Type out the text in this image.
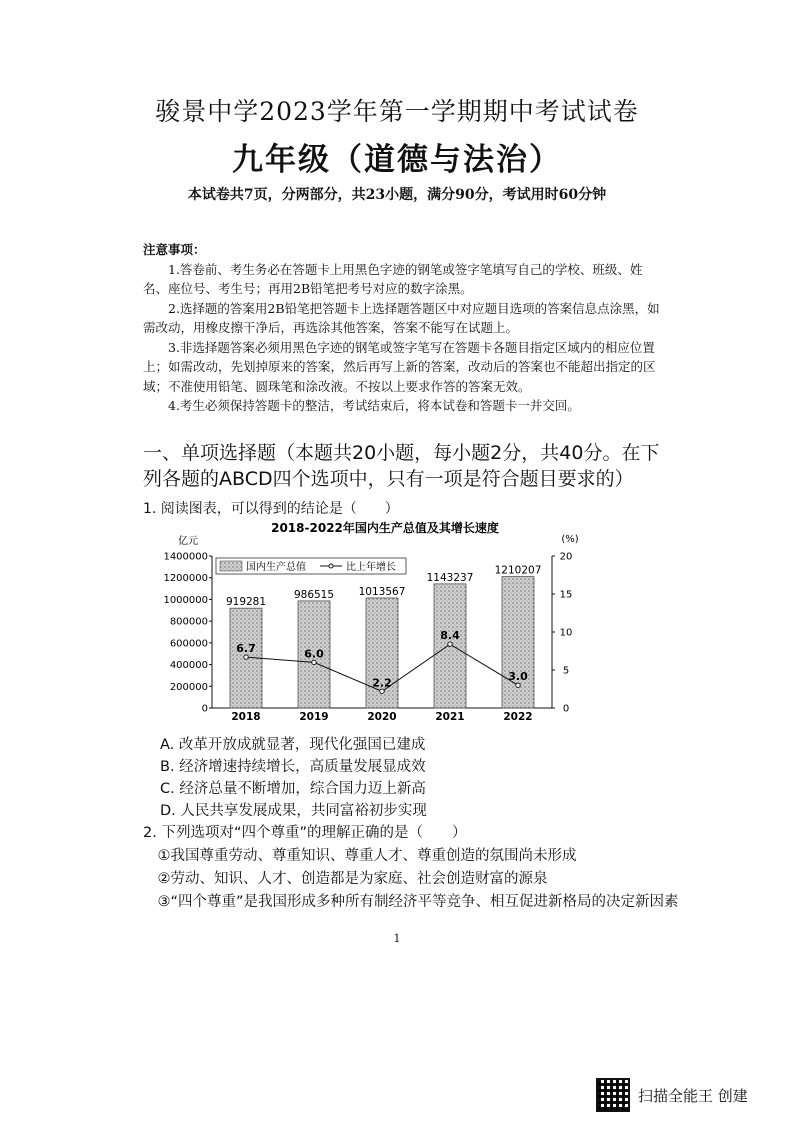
骏景中学2023学年第一学期期中考试试卷
九年级（道德与法治）
本试卷共7页，分两部分，共23小题，满分90分，考试用时60分钟
注意事项：

1.答卷前、考生务必在答题卡上用黑色字迹的钢笔或签字笔填写自己的学校、班级、姓名、座位号、考生号；再用2B铅笔把考号对应的数字涂黑。

2.选择题的答案用2B铅笔把答题卡上选择题答题区中对应题目选项的答案信息点涂黑，如需改动，用橡皮擦干净后，再选涂其他答案，答案不能写在试题上。

3.非选择题答案必须用黑色字迹的钢笔或签字笔写在答题卡各题目指定区域内的相应位置上；如需改动，先划掉原来的答案，然后再写上新的答案，改动后的答案也不能超出指定的区域；不准使用铅笔、圆珠笔和涂改液。不按以上要求作答的答案无效。

4.考生必须保持答题卡的整洁，考试结束后，将本试卷和答题卡一并交回。

一、单项选择题（本题共20小题，每小题2分，共40分。在下列各题的ABCD四个选项中，只有一项是符合题目要求的）
1. 阅读图表，可以得到的结论是（　　）
2018-2022年国内生产总值及其增长速度
亿元	(%)
0
200000
400000
600000
800000
1000000
1200000
1400000
0
5
10
15
20
919281
2018
986515
2019
1013567
2020
1143237
2021
1210207
2022
6.7	6.0
2.2
8.4
3.0
国内生产总值	比上年增长
A. 改革开放成就显著，现代化强国已建成
B. 经济增速持续增长，高质量发展显成效
C. 经济总量不断增加，综合国力迈上新高
D. 人民共享发展成果，共同富裕初步实现
2. 下列选项对“四个尊重”的理解正确的是（　　）
①我国尊重劳动、尊重知识、尊重人才、尊重创造的氛围尚未形成
②劳动、知识、人才、创造都是为家庭、社会创造财富的源泉
③“四个尊重”是我国形成多种所有制经济平等竞争、相互促进新格局的决定新因素
1
扫描全能王 创建
